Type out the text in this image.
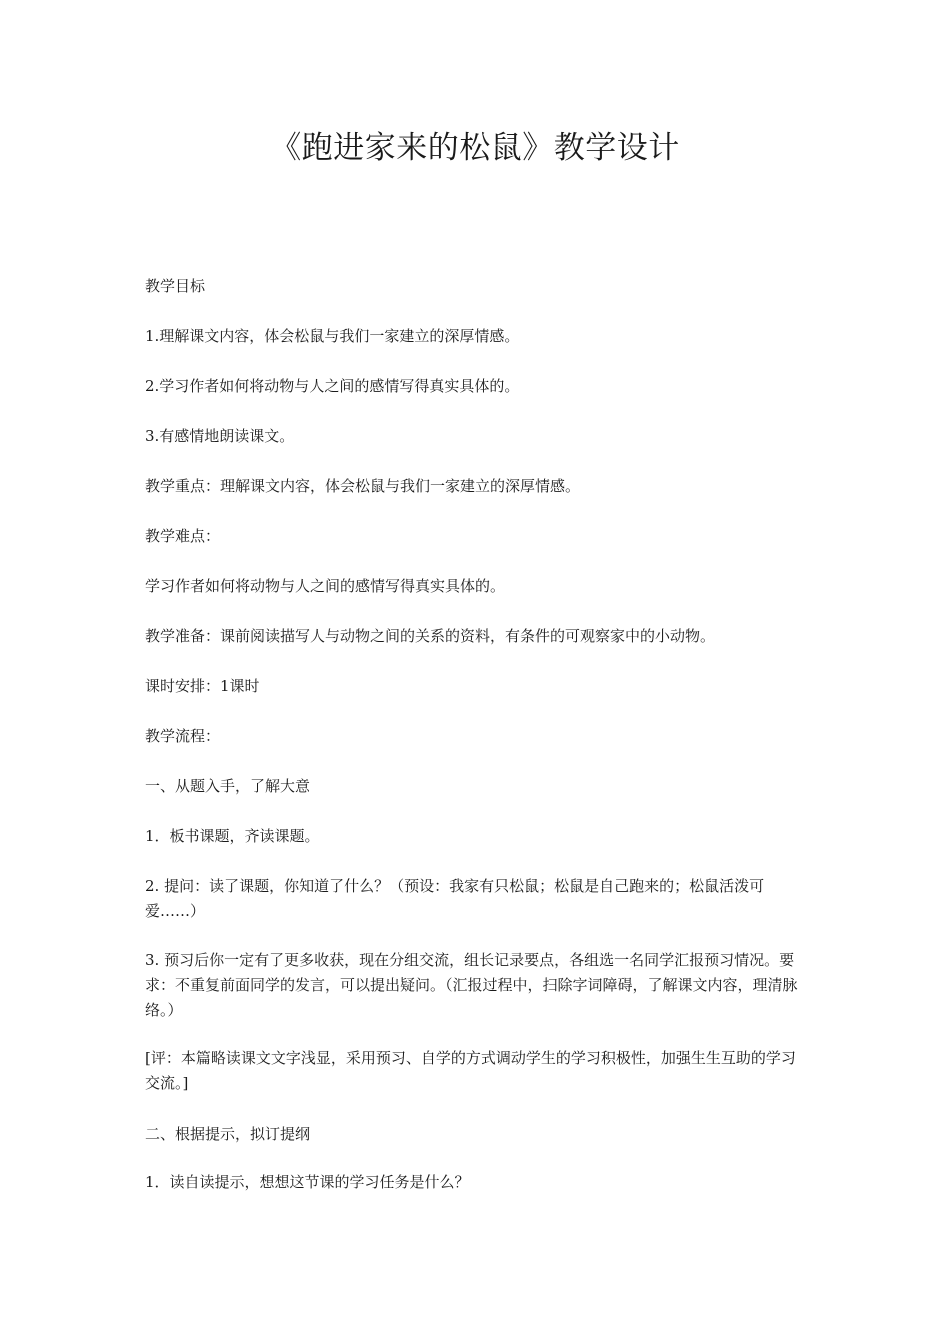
《跑进家来的松鼠》教学设计

教学目标

1.理解课文内容，体会松鼠与我们一家建立的深厚情感。

2.学习作者如何将动物与人之间的感情写得真实具体的。

3.有感情地朗读课文。

教学重点：理解课文内容，体会松鼠与我们一家建立的深厚情感。

教学难点：

学习作者如何将动物与人之间的感情写得真实具体的。

教学准备：课前阅读描写人与动物之间的关系的资料，有条件的可观察家中的小动物。

课时安排：1课时

教学流程：

一、从题入手，了解大意

1．板书课题，齐读课题。

2. 提问：读了课题，你知道了什么？（预设：我家有只松鼠；松鼠是自己跑来的；松鼠活泼可爱……）

3. 预习后你一定有了更多收获，现在分组交流，组长记录要点，各组选一名同学汇报预习情况。要求：不重复前面同学的发言，可以提出疑问。（汇报过程中，扫除字词障碍，了解课文内容，理清脉络。）

[评：本篇略读课文文字浅显，采用预习、自学的方式调动学生的学习积极性，加强生生互助的学习交流。]

二、根据提示，拟订提纲

1．读自读提示，想想这节课的学习任务是什么？
